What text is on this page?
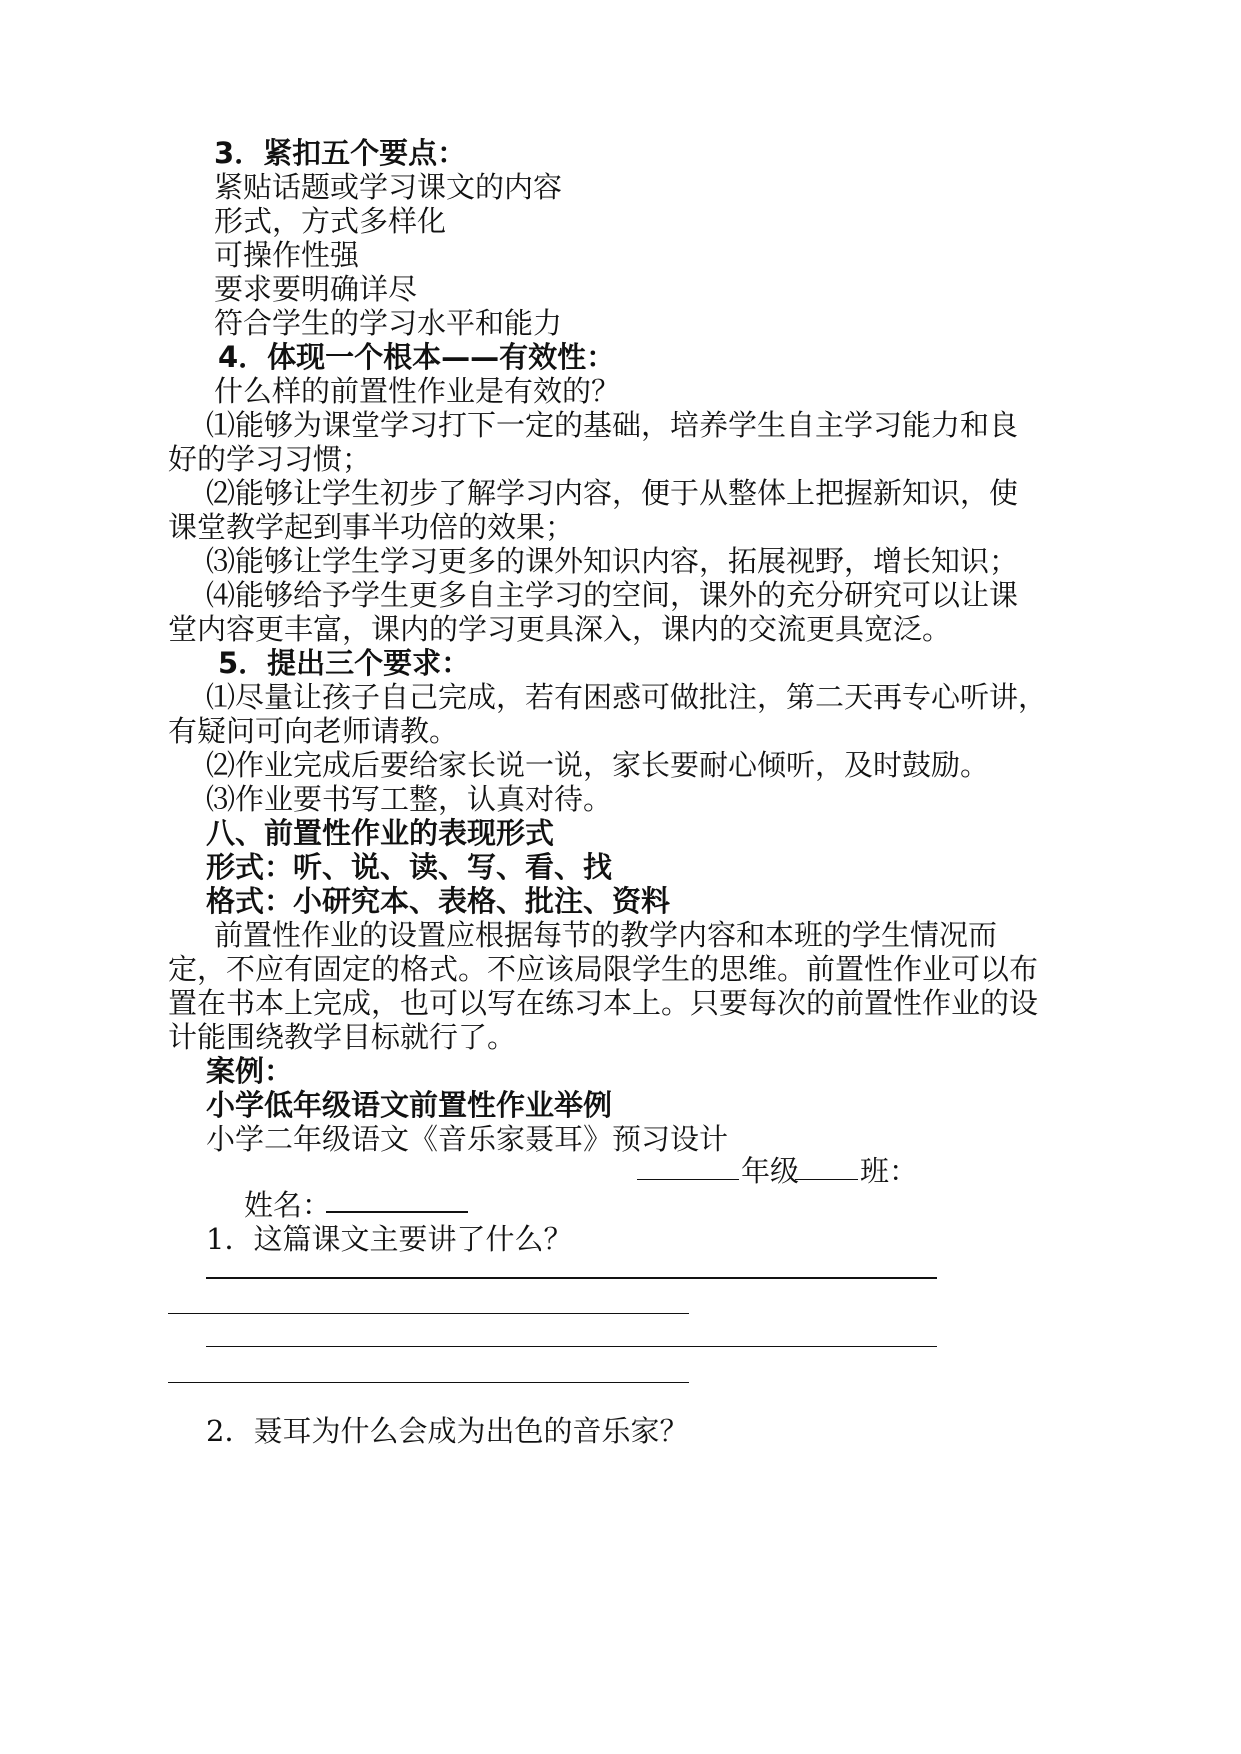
3．紧扣五个要点：
紧贴话题或学习课文的内容
形式，方式多样化
可操作性强
要求要明确详尽
符合学生的学习水平和能力
4．体现一个根本——有效性：
什么样的前置性作业是有效的？
⑴能够为课堂学习打下一定的基础，培养学生自主学习能力和良
好的学习习惯；
⑵能够让学生初步了解学习内容，便于从整体上把握新知识，使
课堂教学起到事半功倍的效果；
⑶能够让学生学习更多的课外知识内容，拓展视野，增长知识；
⑷能够给予学生更多自主学习的空间，课外的充分研究可以让课
堂内容更丰富，课内的学习更具深入，课内的交流更具宽泛。
5．提出三个要求：
⑴尽量让孩子自己完成，若有困惑可做批注，第二天再专心听讲，
有疑问可向老师请教。
⑵作业完成后要给家长说一说，家长要耐心倾听，及时鼓励。
⑶作业要书写工整，认真对待。
八、前置性作业的表现形式
形式：听、说、读、写、看、找
格式：小研究本、表格、批注、资料
前置性作业的设置应根据每节的教学内容和本班的学生情况而
定，不应有固定的格式。不应该局限学生的思维。前置性作业可以布
置在书本上完成，也可以写在练习本上。只要每次的前置性作业的设
计能围绕教学目标就行了。
案例：
小学低年级语文前置性作业举例
小学二年级语文《音乐家聂耳》预习设计
年级 班：
姓名：
1．这篇课文主要讲了什么？
2．聂耳为什么会成为出色的音乐家？
